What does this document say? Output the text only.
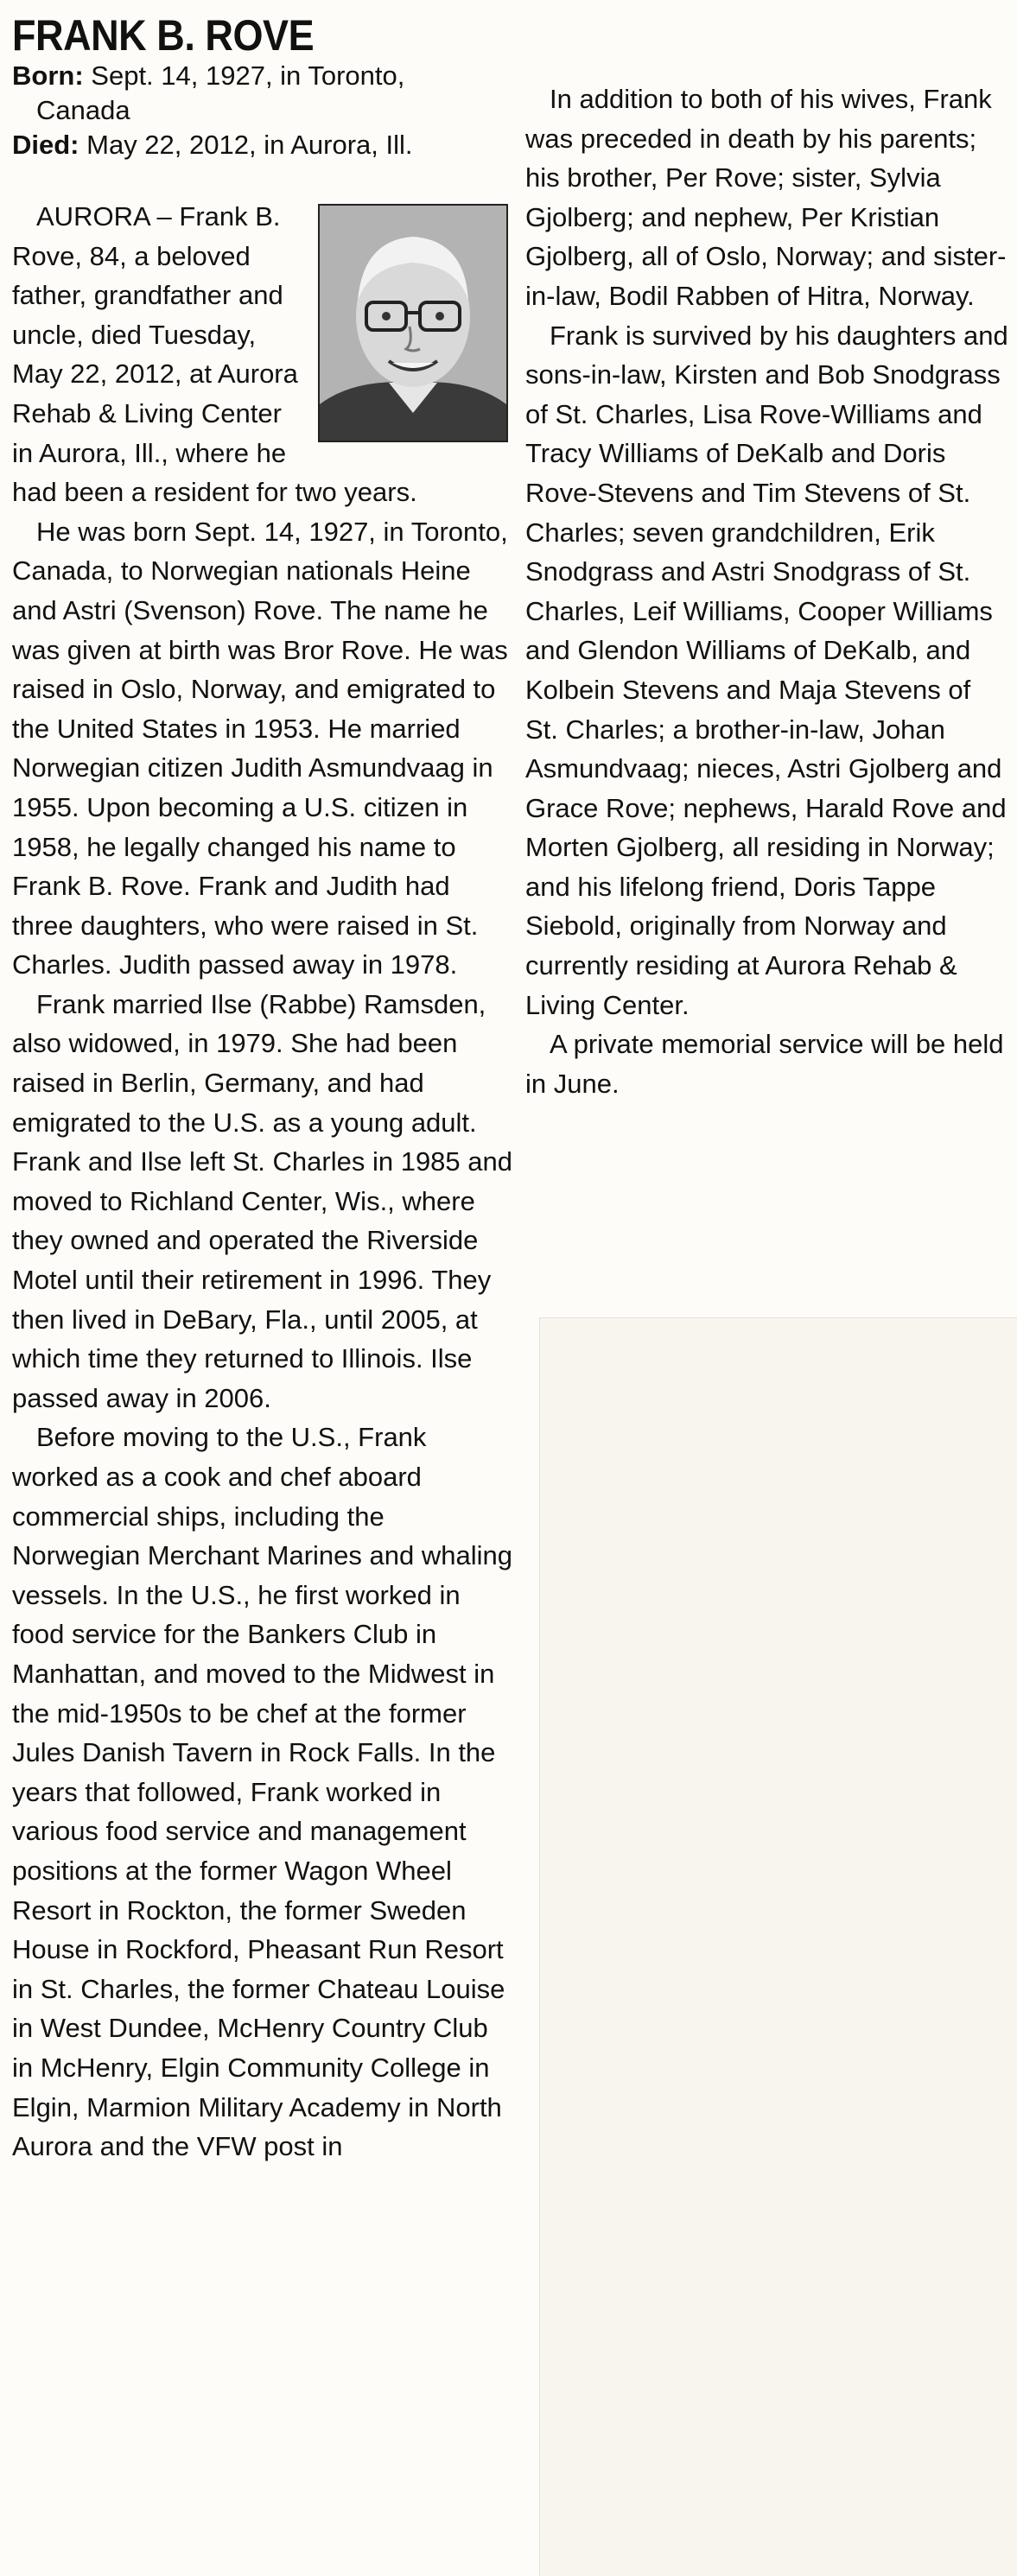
FRANK B. ROVE
Born: Sept. 14, 1927, in Toronto,
Canada
Died: May 22, 2012, in Aurora, Ill.

AURORA – Frank B. Rove, 84, a beloved father, grandfather and uncle, died Tuesday, May 22, 2012, at Aurora Rehab & Living Center in Aurora, Ill., where he had been a resident for two years.

He was born Sept. 14, 1927, in Toronto, Canada, to Norwegian nationals Heine and Astri (Svenson) Rove. The name he was given at birth was Bror Rove. He was raised in Oslo, Norway, and emigrated to the United States in 1953. He married Norwegian citizen Judith Asmundvaag in 1955. Upon becoming a U.S. citizen in 1958, he legally changed his name to Frank B. Rove. Frank and Judith had three daughters, who were raised in St. Charles. Judith passed away in 1978.

Frank married Ilse (Rabbe) Ramsden, also widowed, in 1979. She had been raised in Berlin, Germany, and had emigrated to the U.S. as a young adult. Frank and Ilse left St. Charles in 1985 and moved to Richland Center, Wis., where they owned and operated the Riverside Motel until their retirement in 1996. They then lived in DeBary, Fla., until 2005, at which time they returned to Illinois. Ilse passed away in 2006.

Before moving to the U.S., Frank worked as a cook and chef aboard commercial ships, including the Norwegian Merchant Marines and whaling vessels. In the U.S., he first worked in food service for the Bankers Club in Manhattan, and moved to the Midwest in the mid-1950s to be chef at the former Jules Danish Tavern in Rock Falls. In the years that followed, Frank worked in various food service and management positions at the former Wagon Wheel Resort in Rockton, the former Sweden House in Rockford, Pheasant Run Resort in St. Charles, the former Chateau Louise in West Dundee, McHenry Country Club in McHenry, Elgin Community College in Elgin, Marmion Military Academy in North Aurora and the VFW post in

In addition to both of his wives, Frank was preceded in death by his parents; his brother, Per Rove; sister, Sylvia Gjolberg; and nephew, Per Kristian Gjolberg, all of Oslo, Norway; and sister-in-law, Bodil Rabben of Hitra, Norway.

Frank is survived by his daughters and sons-in-law, Kirsten and Bob Snodgrass of St. Charles, Lisa Rove-Williams and Tracy Williams of DeKalb and Doris Rove-Stevens and Tim Stevens of St. Charles; seven grandchildren, Erik Snodgrass and Astri Snodgrass of St. Charles, Leif Williams, Cooper Williams and Glendon Williams of DeKalb, and Kolbein Stevens and Maja Stevens of St. Charles; a brother-in-law, Johan Asmundvaag; nieces, Astri Gjolberg and Grace Rove; nephews, Harald Rove and Morten Gjolberg, all residing in Norway; and his lifelong friend, Doris Tappe Siebold, originally from Norway and currently residing at Aurora Rehab & Living Center.

A private memorial service will be held in June.
